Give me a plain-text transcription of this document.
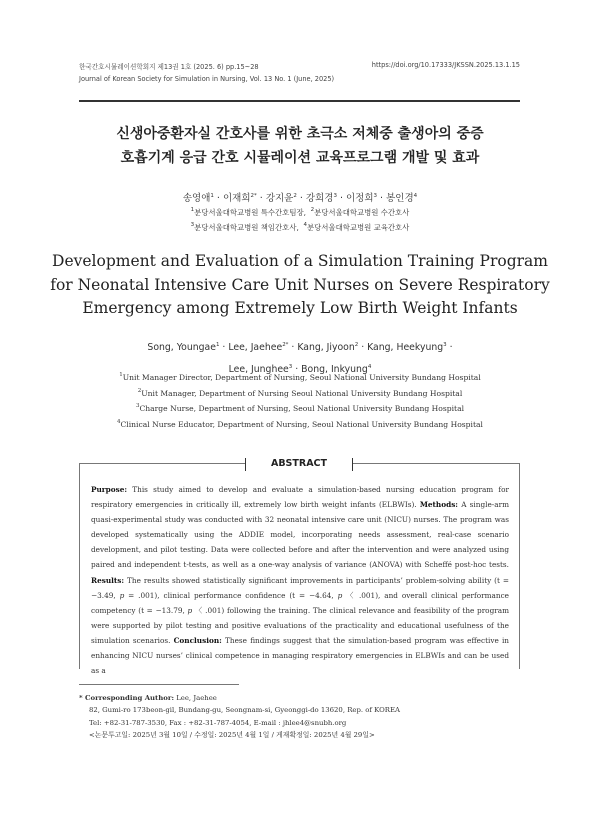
한국간호시뮬레이션학회지 제13권 1호 (2025. 6) pp.15~28
Journal of Korean Society for Simulation in Nursing, Vol. 13 No. 1 (June, 2025)
https://doi.org/10.17333/JKSSN.2025.13.1.15
신생아중환자실 간호사를 위한 초극소 저체중 출생아의 중증
호흡기계 응급 간호 시뮬레이션 교육프로그램 개발 및 효과
송영애$^1$ · 이재희$^{2*}$ · 강지윤$^2$ · 강희경$^3$ · 이정희$^3$ · 봉인경$^4$
$^1$분당서울대학교병원 특수간호팀장, $^2$분당서울대학교병원 수간호사
$^3$분당서울대학교병원 책임간호사, $^4$분당서울대학교병원 교육간호사
Development and Evaluation of a Simulation Training Program
for Neonatal Intensive Care Unit Nurses on Severe Respiratory
Emergency among Extremely Low Birth Weight Infants
Song, Youngae$^1$ · Lee, Jaehee$^{2*}$ · Kang, Jiyoon$^2$ · Kang, Heekyung$^3$ ·
Lee, Junghee$^3$ · Bong, Inkyung$^4$
$^1$Unit Manager Director, Department of Nursing, Seoul National University Bundang Hospital
$^2$Unit Manager, Department of Nursing Seoul National University Bundang Hospital
$^3$Charge Nurse, Department of Nursing, Seoul National University Bundang Hospital
$^4$Clinical Nurse Educator, Department of Nursing, Seoul National University Bundang Hospital
ABSTRACT
Purpose: This study aimed to develop and evaluate a simulation-based nursing education program for respiratory emergencies in critically ill, extremely low birth weight infants (ELBWIs). Methods: A single-arm quasi-experimental study was conducted with 32 neonatal intensive care unit (NICU) nurses. The program was developed systematically using the ADDIE model, incorporating needs assessment, real-case scenario development, and pilot testing. Data were collected before and after the intervention and were analyzed using paired and independent t-tests, as well as a one-way analysis of variance (ANOVA) with Scheffé post-hoc tests. Results: The results showed statistically significant improvements in participants’ problem-solving ability (t = −3.49, p = .001), clinical performance confidence (t = −4.64, p 〈 .001), and overall clinical performance competency (t = −13.79, p 〈 .001) following the training. The clinical relevance and feasibility of the program were supported by pilot testing and positive evaluations of the practicality and educational usefulness of the simulation scenarios. Conclusion: These findings suggest that the simulation-based program was effective in enhancing NICU nurses’ clinical competence in managing respiratory emergencies in ELBWIs and can be used as a
* Corresponding Author: Lee, Jaehee
82, Gumi-ro 173beon-gil, Bundang-gu, Seongnam-si, Gyeonggi-do 13620, Rep. of KOREA
Tel: +82-31-787-3530, Fax : +82-31-787-4054, E-mail : jhlee4@snubh.org
<논문투고일: 2025년 3월 10일 / 수정일: 2025년 4월 1일 / 게재확정일: 2025년 4월 29일>
